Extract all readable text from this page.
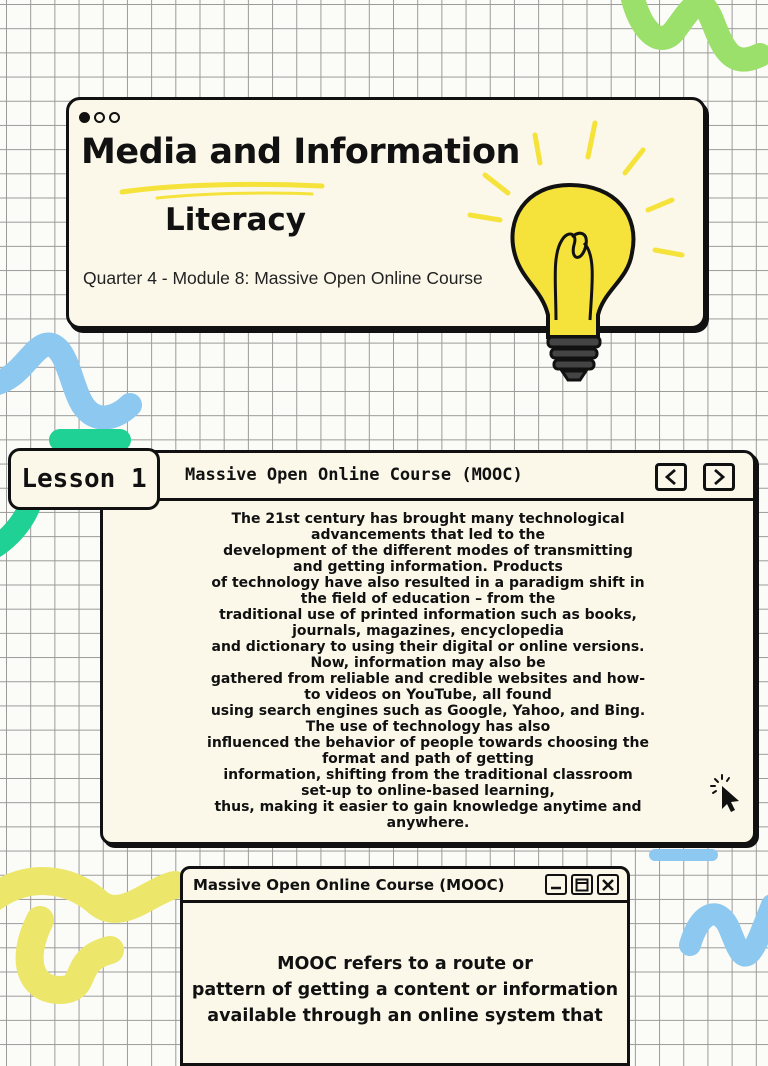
Media and Information
Literacy
Quarter 4 - Module 8: Massive Open Online Course
Lesson 1	Massive Open Online Course (MOOC)
The 21st century has brought many technological
advancements that led to the
development of the different modes of transmitting
and getting information. Products
of technology have also resulted in a paradigm shift in
the field of education – from the
traditional use of printed information such as books,
journals, magazines, encyclopedia
and dictionary to using their digital or online versions.
Now, information may also be
gathered from reliable and credible websites and how-
to videos on YouTube, all found
using search engines such as Google, Yahoo, and Bing.
The use of technology has also
influenced the behavior of people towards choosing the
format and path of getting
information, shifting from the traditional classroom
set-up to online-based learning,
thus, making it easier to gain knowledge anytime and
anywhere.
Massive Open Online Course (MOOC)
MOOC refers to a route or
pattern of getting a content or information
available through an online system that
